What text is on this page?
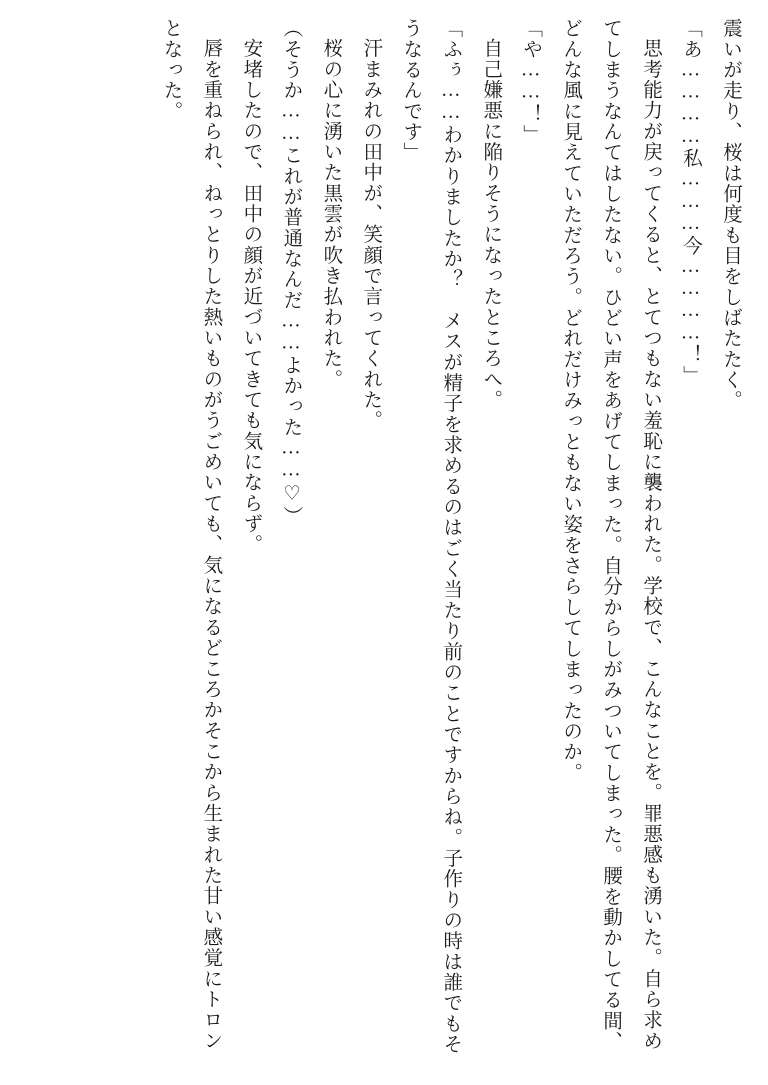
震いが走り、桜は何度も目をしばたたく。

「あ…………私………今…………！」

思考能力が戻ってくると、とてつもない羞恥に襲われた。学校で、こんなことを。罪悪感も湧いた。自ら求めてしまうなんてはしたない。ひどい声をあげてしまった。自分からしがみついてしまった。腰を動かしてる間、どんな風に見えていただろう。どれだけみっともない姿をさらしてしまったのか。

「や……！」

自己嫌悪に陥りそうになったところへ。

「ふぅ……わかりましたか？　メスが精子を求めるのはごく当たり前のことですからね。子作りの時は誰でもそうなるんです」

汗まみれの田中が、笑顔で言ってくれた。

桜の心に湧いた黒雲が吹き払われた。

（そうか……これが普通なんだ……よかった……♡）

安堵したので、田中の顔が近づいてきても気にならず。

唇を重ねられ、ねっとりした熱いものがうごめいても、気になるどころかそこから生まれた甘い感覚にトロンとなった。
